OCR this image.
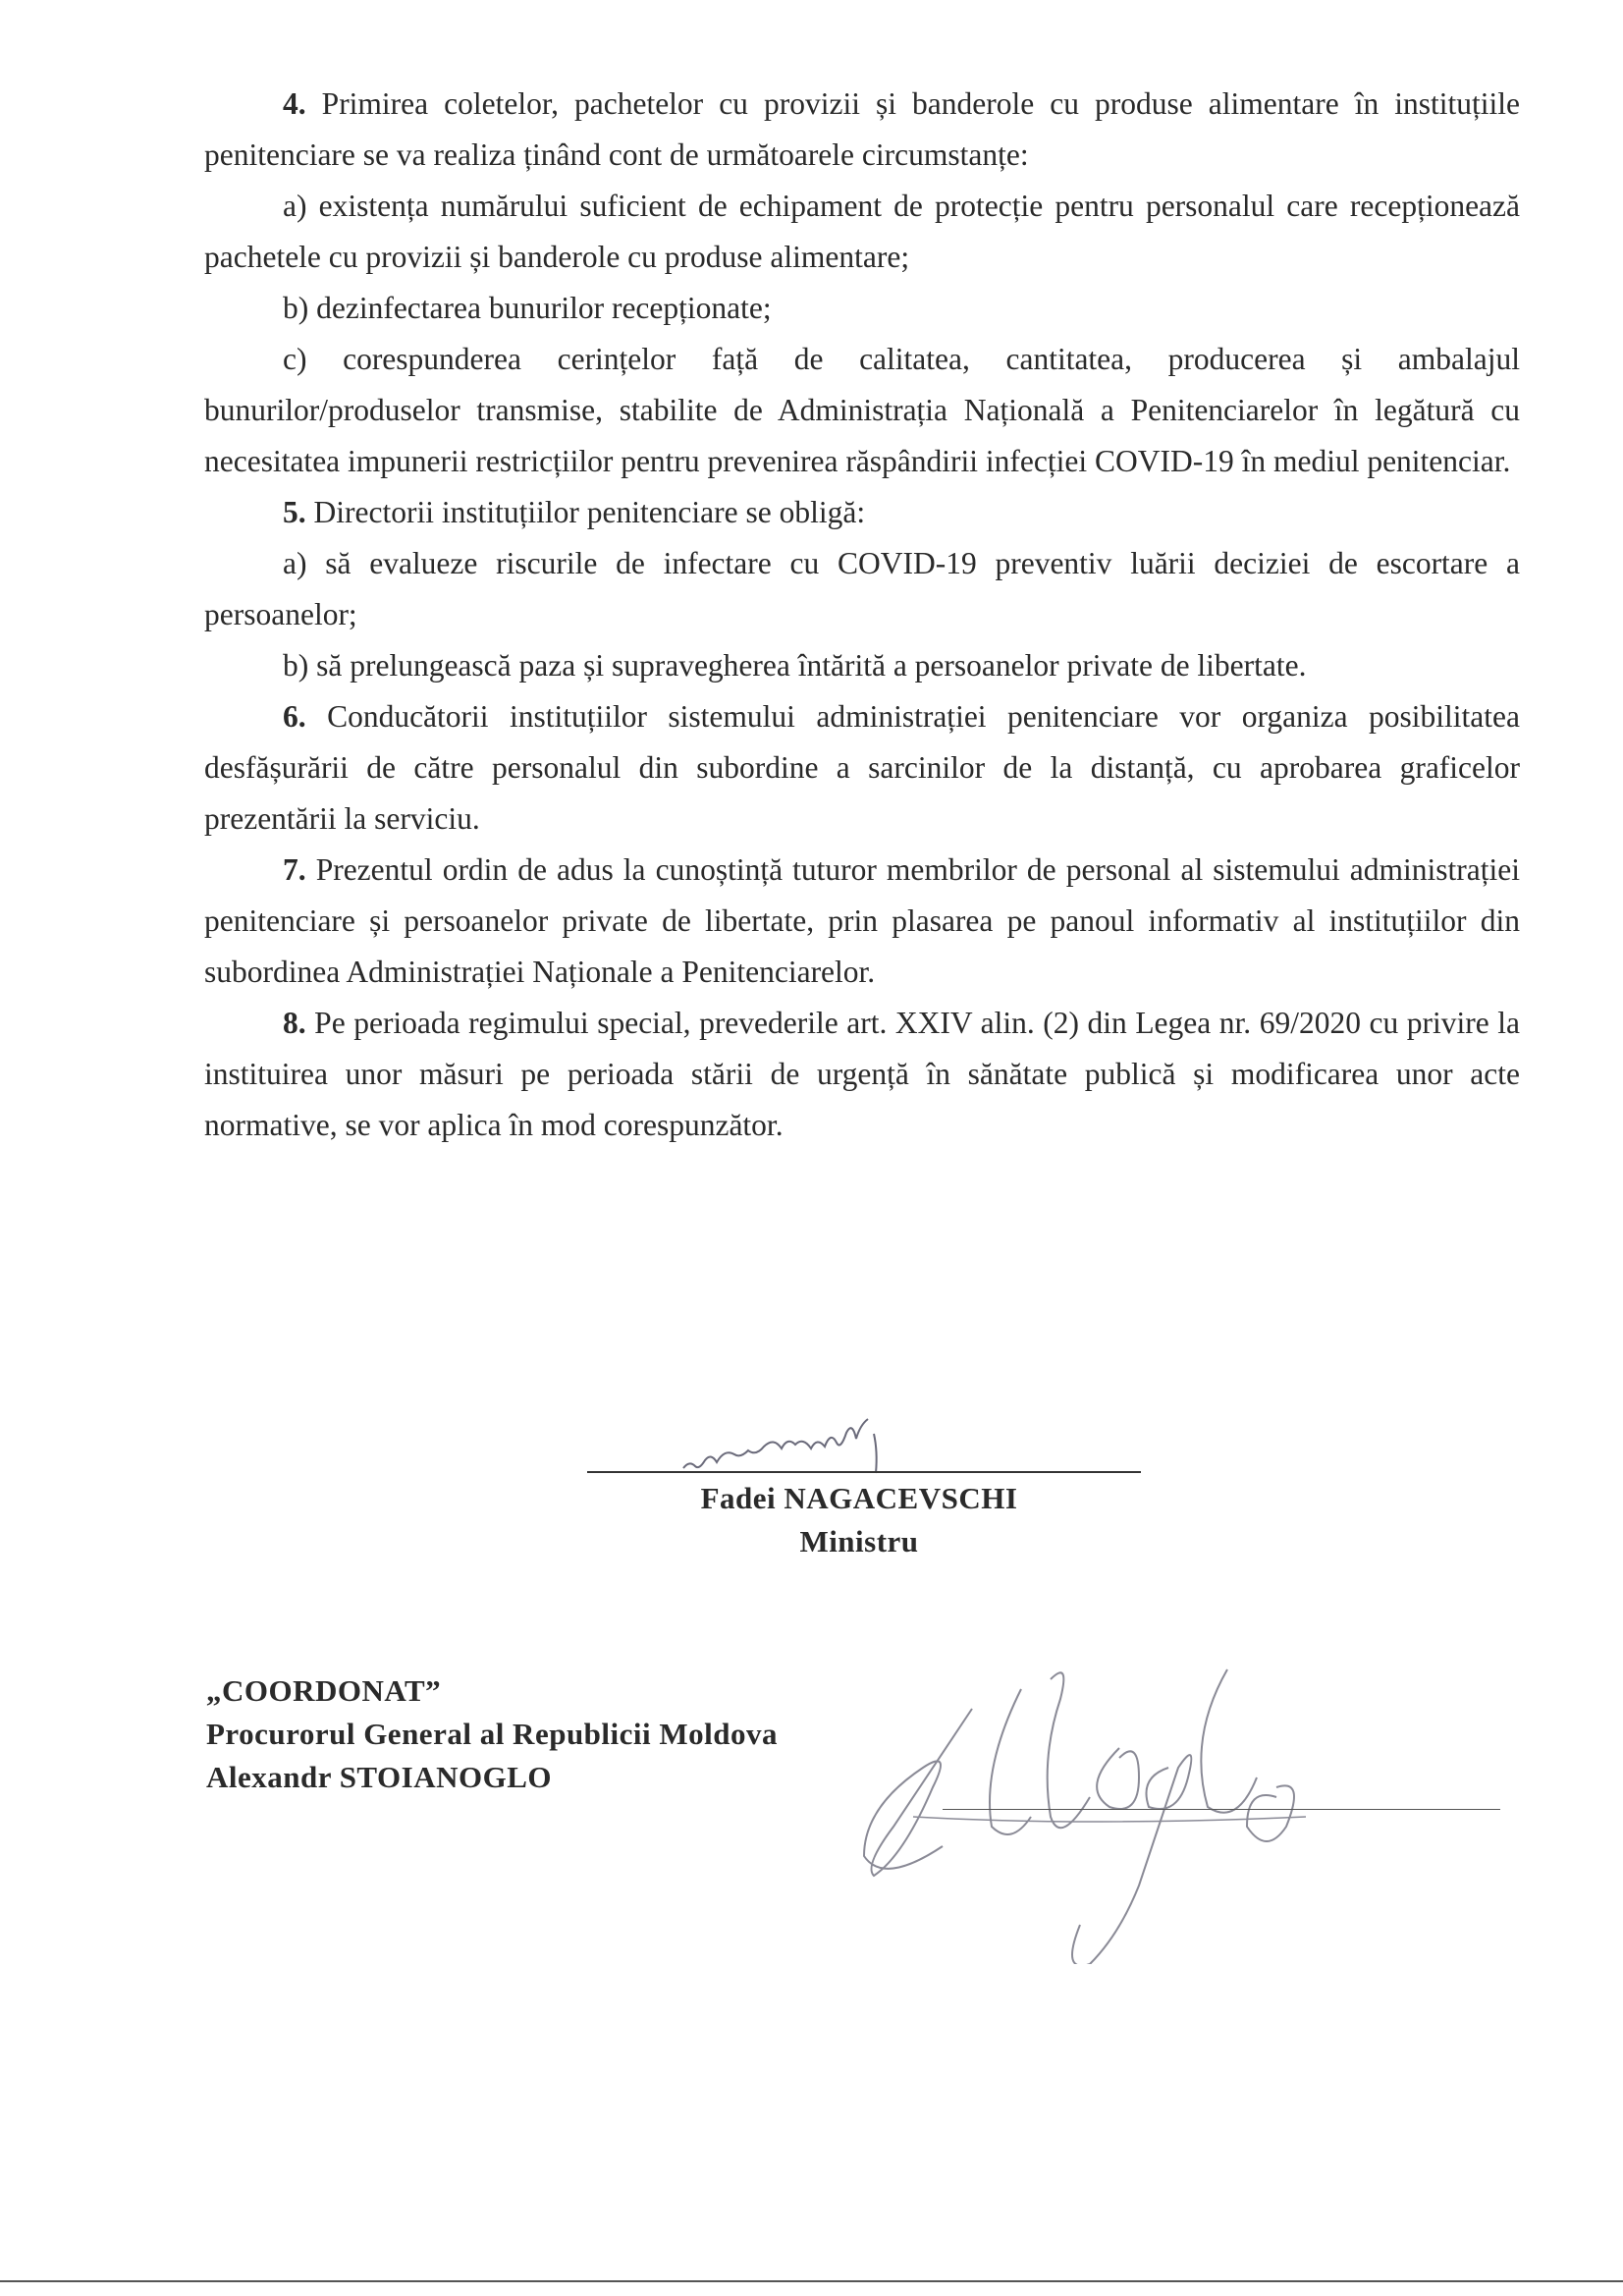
4. Primirea coletelor, pachetelor cu provizii și banderole cu produse alimentare în instituțiile penitenciare se va realiza ținând cont de următoarele circumstanțe:

a) existența numărului suficient de echipament de protecție pentru personalul care recepționează pachetele cu provizii și banderole cu produse alimentare;

b) dezinfectarea bunurilor recepționate;

c) corespunderea cerințelor față de calitatea, cantitatea, producerea și ambalajul bunurilor/produselor transmise, stabilite de Administrația Națională a Penitenciarelor în legătură cu necesitatea impunerii restricțiilor pentru prevenirea răspândirii infecției COVID-19 în mediul penitenciar.

5. Directorii instituțiilor penitenciare se obligă:

a) să evalueze riscurile de infectare cu COVID-19 preventiv luării deciziei de escortare a persoanelor;

b) să prelungească paza și supravegherea întărită a persoanelor private de libertate.

6. Conducătorii instituțiilor sistemului administrației penitenciare vor organiza posibilitatea desfășurării de către personalul din subordine a sarcinilor de la distanță, cu aprobarea graficelor prezentării la serviciu.

7. Prezentul ordin de adus la cunoștință tuturor membrilor de personal al sistemului administrației penitenciare și persoanelor private de libertate, prin plasarea pe panoul informativ al instituțiilor din subordinea Administrației Naționale a Penitenciarelor.

8. Pe perioada regimului special, prevederile art. XXIV alin. (2) din Legea nr. 69/2020 cu privire la instituirea unor măsuri pe perioada stării de urgență în sănătate publică și modificarea unor acte normative, se vor aplica în mod corespunzător.

Fadei NAGACEVSCHI
Ministru
„COORDONAT”
Procurorul General al Republicii Moldova
Alexandr STOIANOGLO
